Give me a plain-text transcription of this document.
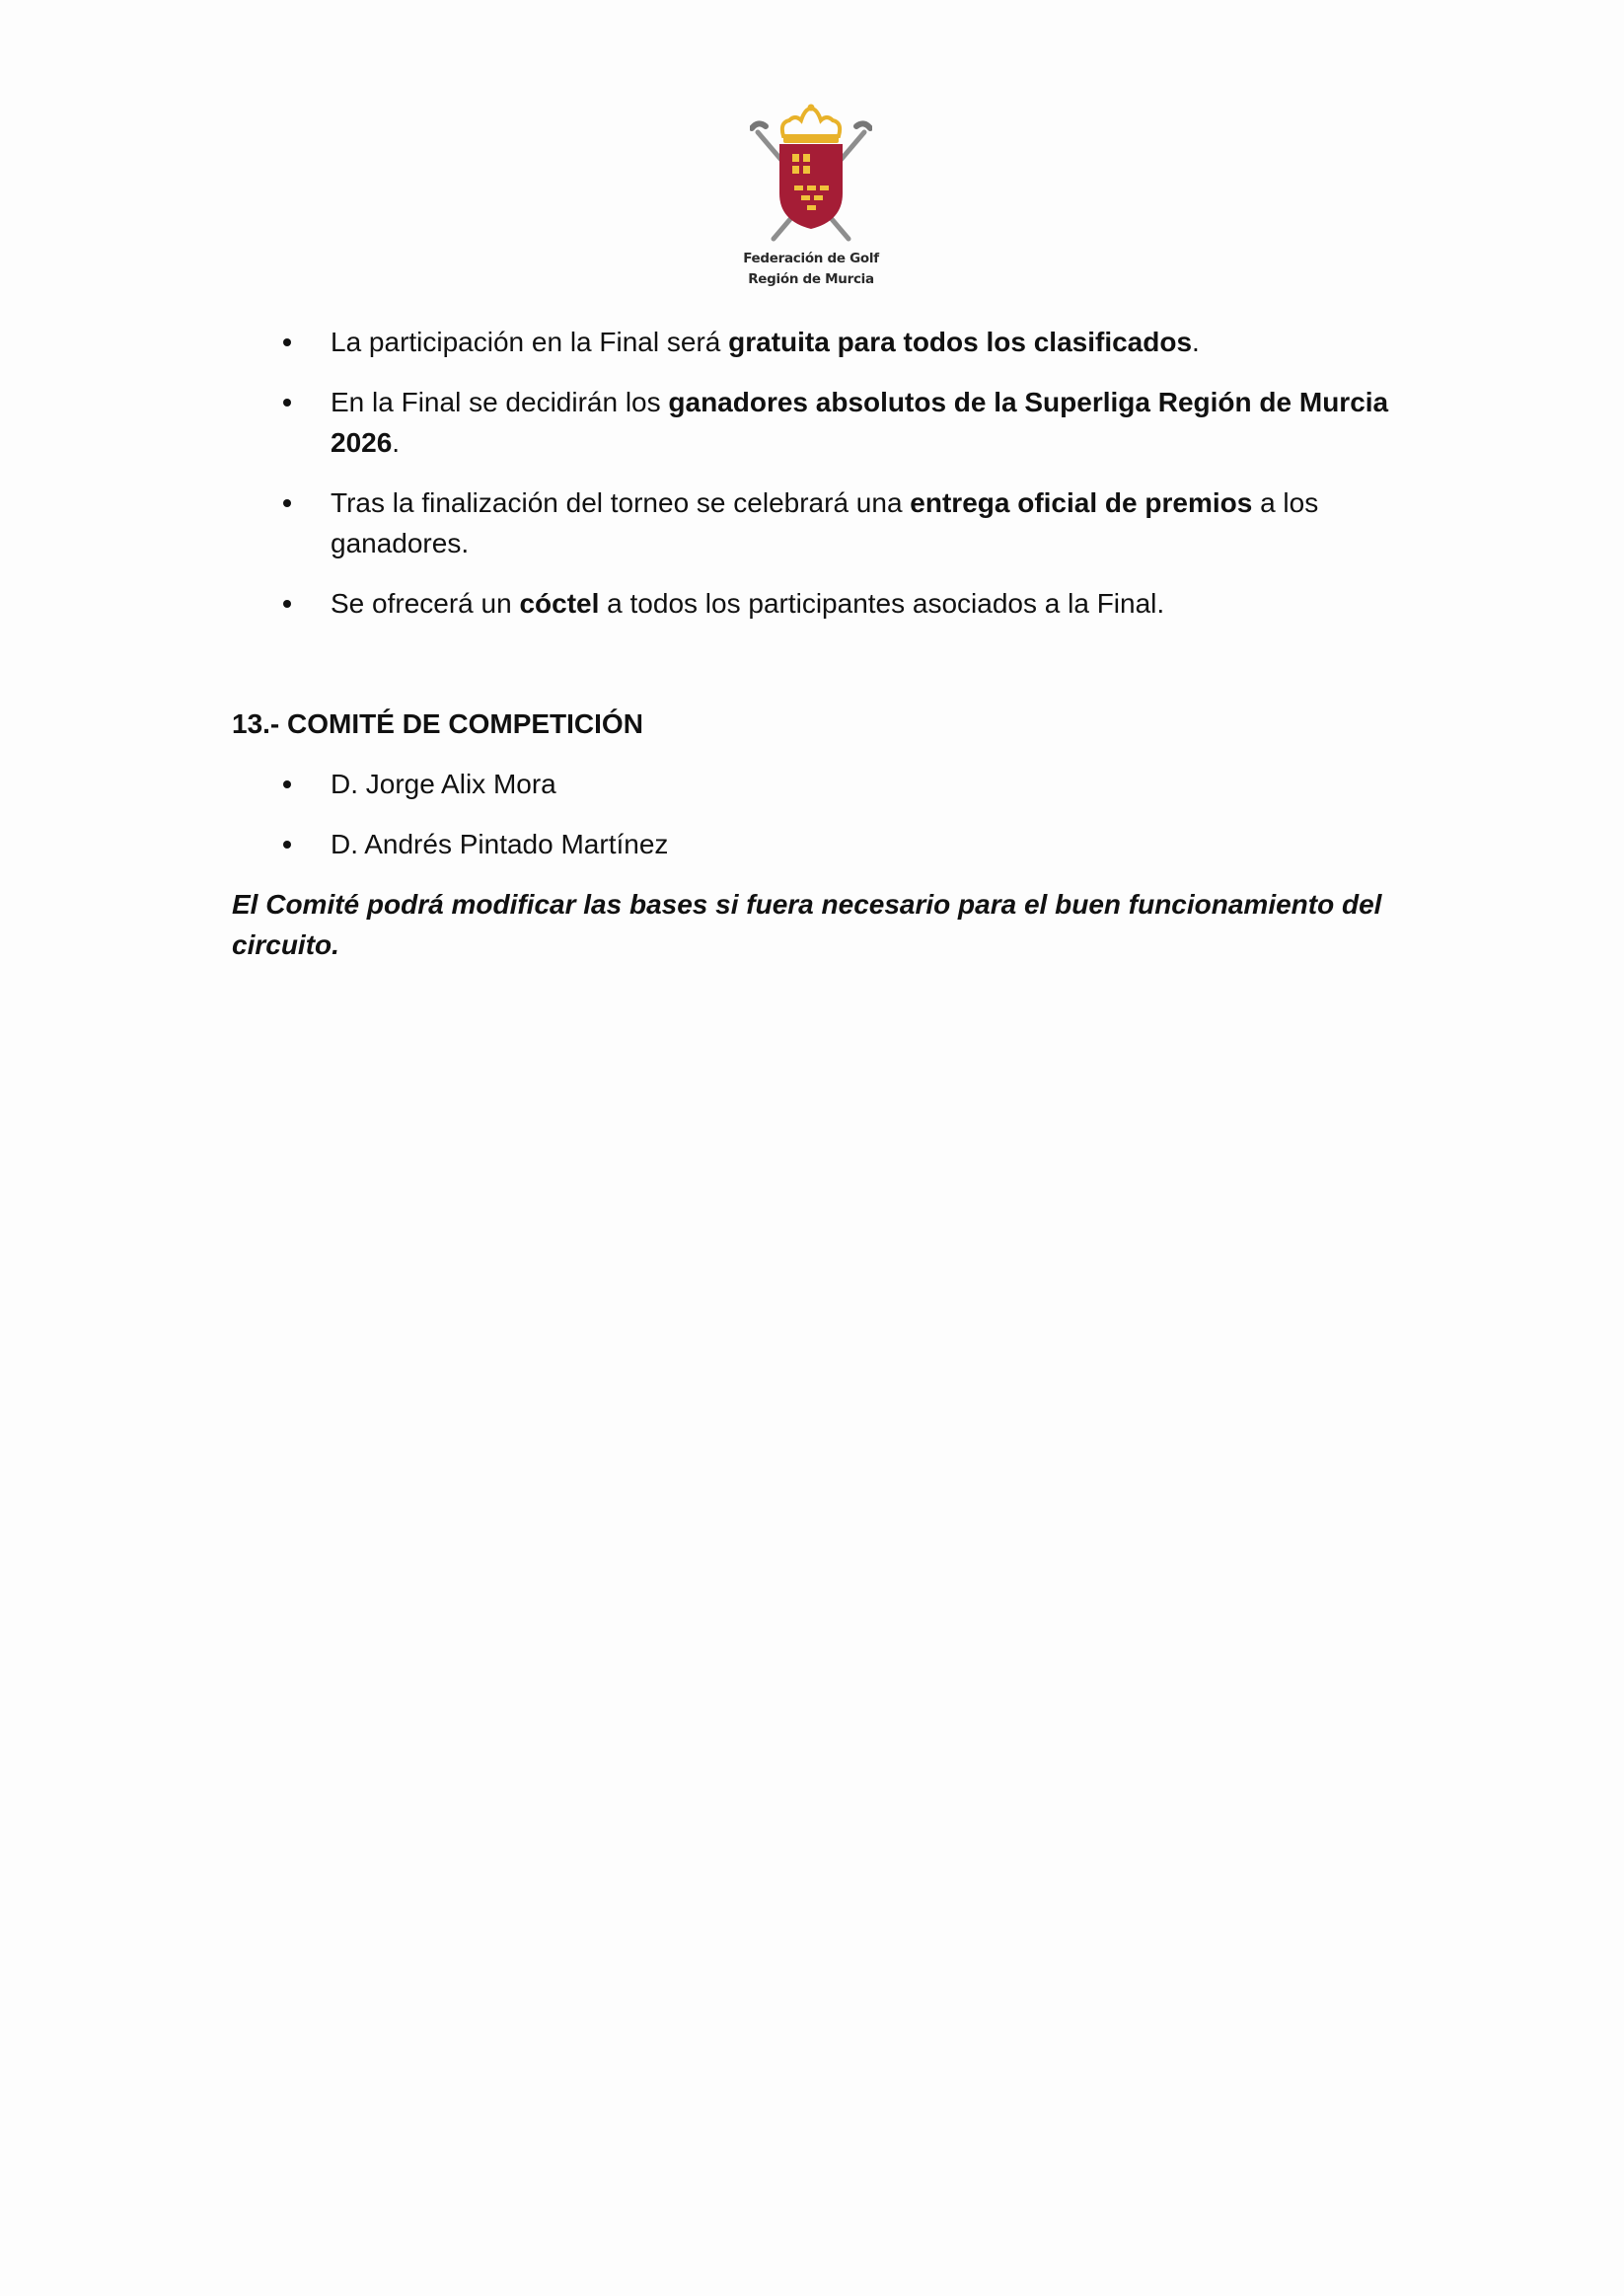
Federación de Golf
Región de Murcia
La participación en la Final será gratuita para todos los clasificados.
En la Final se decidirán los ganadores absolutos de la Superliga Región de Murcia 2026.
Tras la finalización del torneo se celebrará una entrega oficial de premios a los ganadores.
Se ofrecerá un cóctel a todos los participantes asociados a la Final.
13.- COMITÉ DE COMPETICIÓN
D. Jorge Alix Mora
D. Andrés Pintado Martínez
El Comité podrá modificar las bases si fuera necesario para el buen funcionamiento del circuito.
